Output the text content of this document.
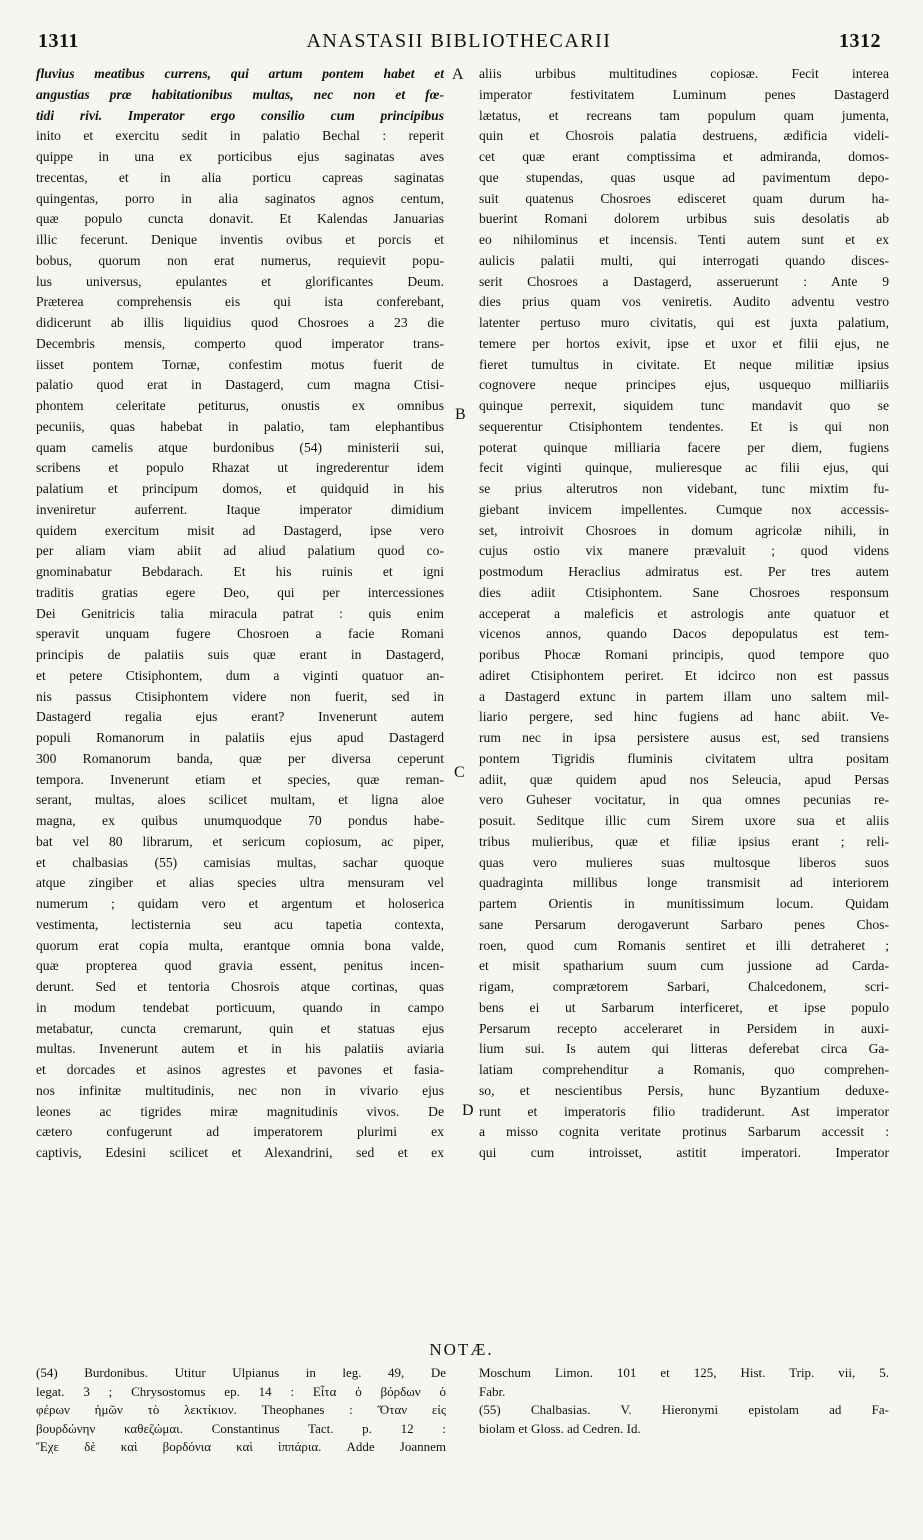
1311	ANASTASII BIBLIOTHECARII	1312
fluvius meatibus currens, qui artum pontem habet et
angustias præ habitationibus multas, nec non et fœ-
tidi rivi. Imperator ergo consilio cum principibus
inito et exercitu sedit in palatio Bechal : reperit
quippe in una ex porticibus ejus saginatas aves
trecentas, et in alia porticu capreas saginatas
quingentas, porro in alia saginatos agnos centum,
quæ populo cuncta donavit. Et Kalendas Januarias
illic fecerunt. Denique inventis ovibus et porcis et
bobus, quorum non erat numerus, requievit popu-
lus universus, epulantes et glorificantes Deum.
Præterea comprehensis eis qui ista conferebant,
didicerunt ab illis liquidius quod Chosroes a 23 die
Decembris mensis, comperto quod imperator trans-
iisset pontem Tornæ, confestim motus fuerit de
palatio quod erat in Dastagerd, cum magna Ctisi-
phontem celeritate petiturus, onustis ex omnibus
pecuniis, quas habebat in palatio, tam elephantibus
quam camelis atque burdonibus (54) ministerii sui,
scribens et populo Rhazat ut ingrederentur idem
palatium et principum domos, et quidquid in his
inveniretur auferrent. Itaque imperator dimidium
quidem exercitum misit ad Dastagerd, ipse vero
per aliam viam abiit ad aliud palatium quod co-
gnominabatur Bebdarach. Et his ruinis et igni
traditis gratias egere Deo, qui per intercessiones
Dei Genitricis talia miracula patrat : quis enim
speravit unquam fugere Chosroen a facie Romani
principis de palatiis suis quæ erant in Dastagerd,
et petere Ctisiphontem, dum a viginti quatuor an-
nis passus Ctisiphontem videre non fuerit, sed in
Dastagerd regalia ejus erant? Invenerunt autem
populi Romanorum in palatiis ejus apud Dastagerd
300 Romanorum banda, quæ per diversa ceperunt
tempora. Invenerunt etiam et species, quæ reman-
serant, multas, aloes scilicet multam, et ligna aloe
magna, ex quibus unumquodque 70 pondus habe-
bat vel 80 librarum, et sericum copiosum, ac piper,
et chalbasias (55) camisias multas, sachar quoque
atque zingiber et alias species ultra mensuram vel
numerum ; quidam vero et argentum et holoserica
vestimenta, lectisternia seu acu tapetia contexta,
quorum erat copia multa, erantque omnia bona valde,
quæ propterea quod gravia essent, penitus incen-
derunt. Sed et tentoria Chosrois atque cortinas, quas
in modum tendebat porticuum, quando in campo
metabatur, cuncta cremarunt, quin et statuas ejus
multas. Invenerunt autem et in his palatiis aviaria
et dorcades et asinos agrestes et pavones et fasia-
nos infinitæ multitudinis, nec non in vivario ejus
leones ac tigrides miræ magnitudinis vivos. De
cætero confugerunt ad imperatorem plurimi ex
captivis, Edesini scilicet et Alexandrini, sed et ex
aliis urbibus multitudines copiosæ. Fecit interea
imperator festivitatem Luminum penes Dastagerd
lætatus, et recreans tam populum quam jumenta,
quin et Chosrois palatia destruens, ædificia videli-
cet quæ erant comptissima et admiranda, domos-
que stupendas, quas usque ad pavimentum depo-
suit quatenus Chosroes edisceret quam durum ha-
buerint Romani dolorem urbibus suis desolatis ab
eo nihilominus et incensis. Tenti autem sunt et ex
aulicis palatii multi, qui interrogati quando disces-
serit Chosroes a Dastagerd, asseruerunt : Ante 9
dies prius quam vos veniretis. Audito adventu vestro
latenter pertuso muro civitatis, qui est juxta palatium,
temere per hortos exivit, ipse et uxor et filii ejus, ne
fieret tumultus in civitate. Et neque militiæ ipsius
cognovere neque principes ejus, usquequo milliariis
quinque perrexit, siquidem tunc mandavit quo se
sequerentur Ctisiphontem tendentes. Et is qui non
poterat quinque milliaria facere per diem, fugiens
fecit viginti quinque, mulieresque ac filii ejus, qui
se prius alterutros non videbant, tunc mixtim fu-
giebant invicem impellentes. Cumque nox accessis-
set, introivit Chosroes in domum agricolæ nihili, in
cujus ostio vix manere prævaluit ; quod videns
postmodum Heraclius admiratus est. Per tres autem
dies adiit Ctisiphontem. Sane Chosroes responsum
acceperat a maleficis et astrologis ante quatuor et
vicenos annos, quando Dacos depopulatus est tem-
poribus Phocæ Romani principis, quod tempore quo
adiret Ctisiphontem periret. Et idcirco non est passus
a Dastagerd extunc in partem illam uno saltem mil-
liario pergere, sed hinc fugiens ad hanc abiit. Ve-
rum nec in ipsa persistere ausus est, sed transiens
pontem Tigridis fluminis civitatem ultra positam
adiit, quæ quidem apud nos Seleucia, apud Persas
vero Guheser vocitatur, in qua omnes pecunias re-
posuit. Seditque illic cum Sirem uxore sua et aliis
tribus mulieribus, quæ et filiæ ipsius erant ; reli-
quas vero mulieres suas multosque liberos suos
quadraginta millibus longe transmisit ad interiorem
partem Orientis in munitissimum locum. Quidam
sane Persarum derogaverunt Sarbaro penes Chos-
roen, quod cum Romanis sentiret et illi detraheret ;
et misit spatharium suum cum jussione ad Carda-
rigam, comprætorem Sarbari, Chalcedonem, scri-
bens ei ut Sarbarum interficeret, et ipse populo
Persarum recepto acceleraret in Persidem in auxi-
lium sui. Is autem qui litteras deferebat circa Ga-
latiam comprehenditur a Romanis, quo comprehen-
so, et nescientibus Persis, hunc Byzantium deduxe-
runt et imperatoris filio tradiderunt. Ast imperator
a misso cognita veritate protinus Sarbarum accessit :
qui cum introisset, astitit imperatori. Imperator
A
B
C
D
NOTÆ.
(54) Burdonibus. Utitur Ulpianus in leg. 49, De
legat. 3 ; Chrysostomus ep. 14 : Εἶτα ὁ βόρδων ὁ
φέρων ἡμῶν τὸ λεκτίκιον. Theophanes : Ὅταν εἰς
βουρδώνην καθεζώμαι. Constantinus Tact. p. 12 :
Ἔχε δὲ καὶ βορδόνια καὶ ἱππάρια. Adde Joannem
Moschum Limon. 101 et 125, Hist. Trip. vii, 5.
Fabr.
(55) Chalbasias. V. Hieronymi epistolam ad Fa-
biolam et Gloss. ad Cedren. Id.
